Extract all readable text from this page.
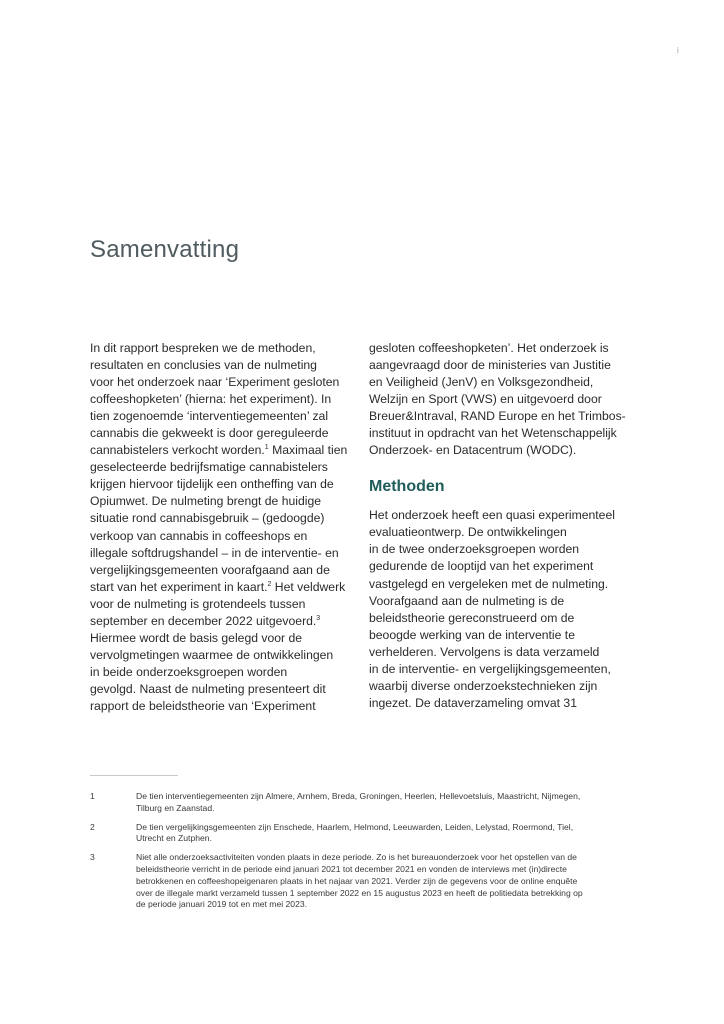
i
Samenvatting
In dit rapport bespreken we de methoden,
resultaten en conclusies van de nulmeting
voor het onderzoek naar ‘Experiment gesloten
coffeeshopketen’ (hierna: het experiment). In
tien zogenoemde ‘interventiegemeenten’ zal
cannabis die gekweekt is door gereguleerde
cannabistelers verkocht worden.$^1$ Maximaal tien
geselecteerde bedrijfsmatige cannabistelers
krijgen hiervoor tijdelijk een ontheffing van de
Opiumwet. De nulmeting brengt de huidige
situatie rond cannabisgebruik – (gedoogde)
verkoop van cannabis in coffeeshops en
illegale softdrugshandel – in de interventie- en
vergelijkingsgemeenten voorafgaand aan de
start van het experiment in kaart.$^2$ Het veldwerk
voor de nulmeting is grotendeels tussen
september en december 2022 uitgevoerd.$^3$
Hiermee wordt de basis gelegd voor de
vervolgmetingen waarmee de ontwikkelingen
in beide onderzoeksgroepen worden
gevolgd. Naast de nulmeting presenteert dit
rapport de beleidstheorie van ‘Experiment
gesloten coffeeshopketen’. Het onderzoek is
aangevraagd door de ministeries van Justitie
en Veiligheid (JenV) en Volksgezondheid,
Welzijn en Sport (VWS) en uitgevoerd door
Breuer&Intraval, RAND Europe en het Trimbos-
instituut in opdracht van het Wetenschappelijk
Onderzoek- en Datacentrum (WODC).
Methoden
Het onderzoek heeft een quasi experimenteel
evaluatieontwerp. De ontwikkelingen
in de twee onderzoeksgroepen worden
gedurende de looptijd van het experiment
vastgelegd en vergeleken met de nulmeting.
Voorafgaand aan de nulmeting is de
beleidstheorie gereconstrueerd om de
beoogde werking van de interventie te
verhelderen. Vervolgens is data verzameld
in de interventie- en vergelijkingsgemeenten,
waarbij diverse onderzoekstechnieken zijn
ingezet. De dataverzameling omvat 31
1	De tien interventiegemeenten zijn Almere, Arnhem, Breda, Groningen, Heerlen, Hellevoetsluis, Maastricht, Nijmegen,
Tilburg en Zaanstad.
2	De tien vergelijkingsgemeenten zijn Enschede, Haarlem, Helmond, Leeuwarden, Leiden, Lelystad, Roermond, Tiel,
Utrecht en Zutphen.
3	Niet alle onderzoeksactiviteiten vonden plaats in deze periode. Zo is het bureauonderzoek voor het opstellen van de
beleidstheorie verricht in de periode eind januari 2021 tot december 2021 en vonden de interviews met (in)directe
betrokkenen en coffeeshopeigenaren plaats in het najaar van 2021. Verder zijn de gegevens voor de online enquête
over de illegale markt verzameld tussen 1 september 2022 en 15 augustus 2023 en heeft de politiedata betrekking op
de periode januari 2019 tot en met mei 2023.
